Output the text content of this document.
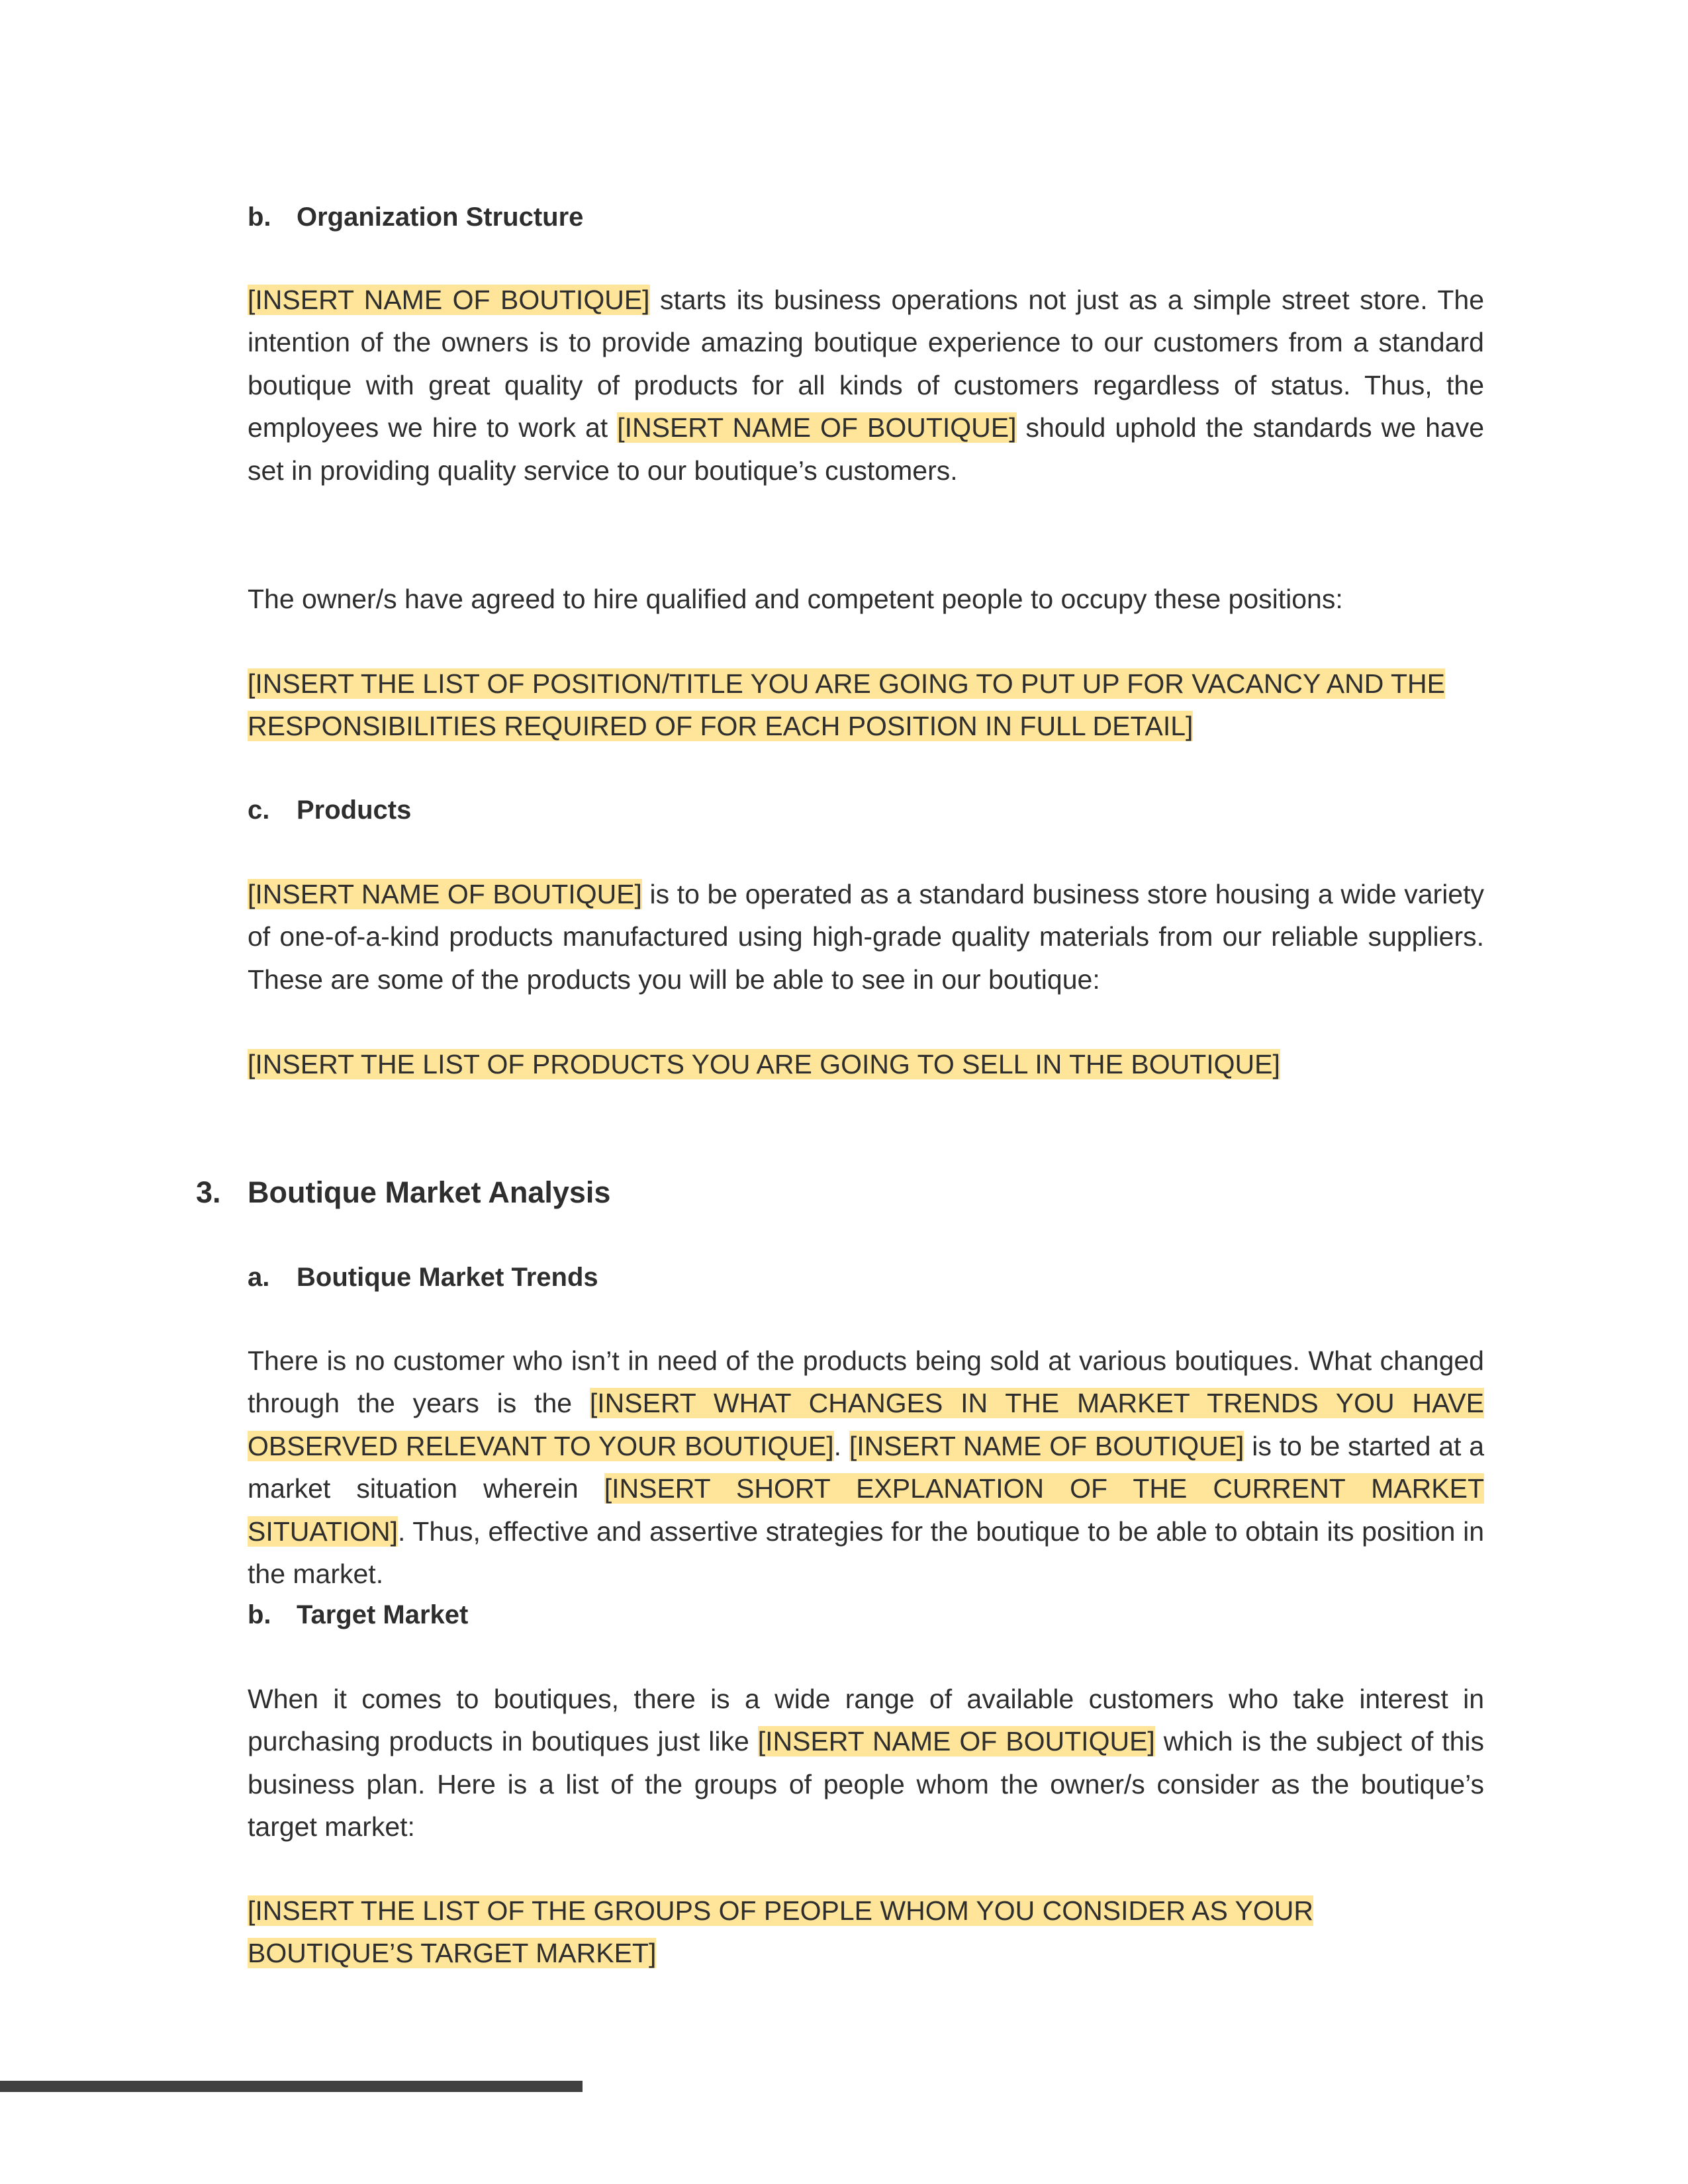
b. Organization Structure

[INSERT NAME OF BOUTIQUE] starts its business operations not just as a simple street store. The intention of the owners is to provide amazing boutique experience to our customers from a standard boutique with great quality of products for all kinds of customers regardless of status. Thus, the employees we hire to work at [INSERT NAME OF BOUTIQUE] should uphold the standards we have set in providing quality service to our boutique’s customers.

The owner/s have agreed to hire qualified and competent people to occupy these positions:

[INSERT THE LIST OF POSITION/TITLE YOU ARE GOING TO PUT UP FOR VACANCY AND THE RESPONSIBILITIES REQUIRED OF FOR EACH POSITION IN FULL DETAIL]

c. Products

[INSERT NAME OF BOUTIQUE] is to be operated as a standard business store housing a wide variety of one-of-a-kind products manufactured using high-grade quality materials from our reliable suppliers. These are some of the products you will be able to see in our boutique:

[INSERT THE LIST OF PRODUCTS YOU ARE GOING TO SELL IN THE BOUTIQUE]

3. Boutique Market Analysis
a. Boutique Market Trends

There is no customer who isn’t in need of the products being sold at various boutiques. What changed through the years is the [INSERT WHAT CHANGES IN THE MARKET TRENDS YOU HAVE OBSERVED RELEVANT TO YOUR BOUTIQUE]. [INSERT NAME OF BOUTIQUE] is to be started at a market situation wherein [INSERT SHORT EXPLANATION OF THE CURRENT MARKET SITUATION]. Thus, effective and assertive strategies for the boutique to be able to obtain its position in the market.

b. Target Market

When it comes to boutiques, there is a wide range of available customers who take interest in purchasing products in boutiques just like [INSERT NAME OF BOUTIQUE] which is the subject of this business plan. Here is a list of the groups of people whom the owner/s consider as the boutique’s target market:

[INSERT THE LIST OF THE GROUPS OF PEOPLE WHOM YOU CONSIDER AS YOUR BOUTIQUE’S TARGET MARKET]
